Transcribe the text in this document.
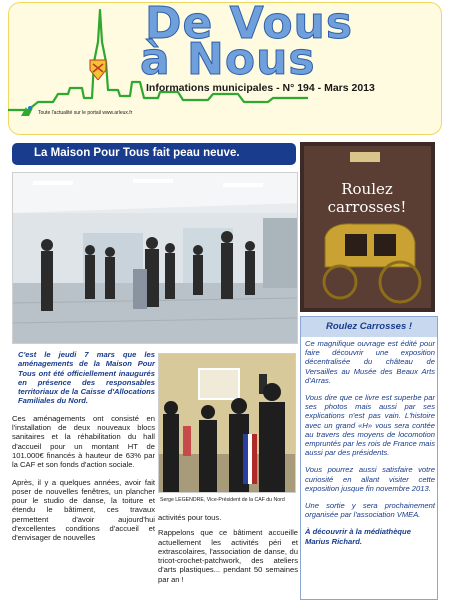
De Vous
à Nous
Informations municipales - N° 194 - Mars 2013
Toute l'actualité sur le portail www.arleux.fr
La Maison Pour Tous fait peau neuve.
Roulez
carrosses!
Roulez Carrosses !

Ce magnifique ouvrage est édité pour faire découvrir une exposition décentralisée du château de Versailles au Musée des Beaux Arts d'Arras.

Vous dire que ce livre est superbe par ses photos mais aussi par ses explications n'est pas vain. L'histoire avec un grand «H» vous sera contée au travers des moyens de locomotion empruntés par les rois de France mais aussi par des présidents.

Vous pourrez aussi satisfaire votre curiosité en allant visiter cette exposition jusque fin novembre 2013.

Une sortie y sera prochainement organisée par l'association VMEA.

À découvrir à la médiathèque Marius Richard.

C'est le jeudi 7 mars que les aménagements de la Maison Pour Tous ont été officiellement inaugurés en présence des responsables territoriaux de la Caisse d'Allocations Familiales du Nord.

Ces aménagements ont consisté en l'installation de deux nouveaux blocs sanitaires et la réhabilitation du hall d'accueil pour un montant HT de 101.000€ financés à hauteur de 63% par la CAF et son fonds d'action sociale.

Après, il y a quelques années, avoir fait poser de nouvelles fenêtres, un plancher pour le studio de danse, la toiture et étendu le bâtiment, ces travaux permettent d'avoir aujourd'hui d'excellentes conditions d'accueil et d'envisager de nouvelles

Serge LEGENDRE, Vice-Président de la CAF du Nord

activités pour tous.

Rappelons que ce bâtiment accueille actuellement les activités péri et extrascolaires, l'association de danse, du tricot-crochet-patchwork, des ateliers d'arts plastiques... pendant 50 semaines par an !
